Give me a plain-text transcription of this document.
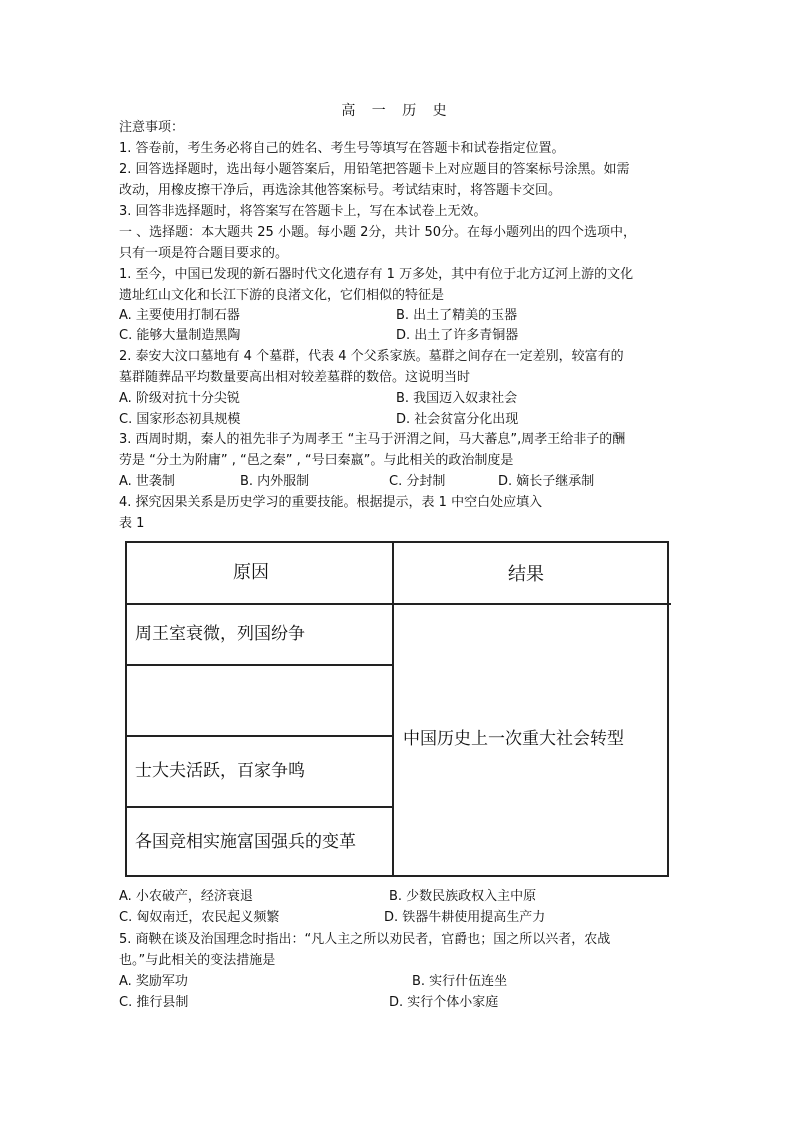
高 一 历 史
注意事项：
1. 答卷前，考生务必将自己的姓名、考生号等填写在答题卡和试卷指定位置。
2. 回答选择题时，选出每小题答案后，用铅笔把答题卡上对应题目的答案标号涂黑。如需
改动，用橡皮擦干净后，再选涂其他答案标号。考试结束时，将答题卡交回。
3. 回答非选择题时，将答案写在答题卡上，写在本试卷上无效。
一 、选择题：本大题共 25 小题。每小题 2分，共计 50分。在每小题列出的四个选项中，
只有一项是符合题目要求的。
1. 至今，中国已发现的新石器时代文化遗存有 1 万多处，其中有位于北方辽河上游的文化
遗址红山文化和长江下游的良渚文化，它们相似的特征是
A. 主要使用打制石器	B. 出土了精美的玉器
C. 能够大量制造黑陶	D. 出土了许多青铜器
2. 泰安大汶口墓地有 4 个墓群，代表 4 个父系家族。墓群之间存在一定差别，较富有的
墓群随葬品平均数量要高出相对较差墓群的数倍。这说明当时
A. 阶级对抗十分尖锐	B. 我国迈入奴隶社会
C. 国家形态初具规模	D. 社会贫富分化出现
3. 西周时期，秦人的祖先非子为周孝王 “主马于汧渭之间，马大蕃息”,周孝王给非子的酬
劳是 “分土为附庸” , “邑之秦” , “号曰秦嬴”。与此相关的政治制度是
A. 世袭制	B. 内外服制	C. 分封制	D. 嫡长子继承制
4. 探究因果关系是历史学习的重要技能。根据提示，表 1 中空白处应填入
表 1
原因	结果
周王室衰微，列国纷争
士大夫活跃，百家争鸣
各国竞相实施富国强兵的变革
中国历史上一次重大社会转型
A. 小农破产，经济衰退	B. 少数民族政权入主中原
C. 匈奴南迁，农民起义频繁	D. 铁器牛耕使用提高生产力
5. 商鞅在谈及治国理念时指出：“凡人主之所以劝民者，官爵也；国之所以兴者，农战
也。”与此相关的变法措施是
A. 奖励军功	B. 实行什伍连坐
C. 推行县制	D. 实行个体小家庭
